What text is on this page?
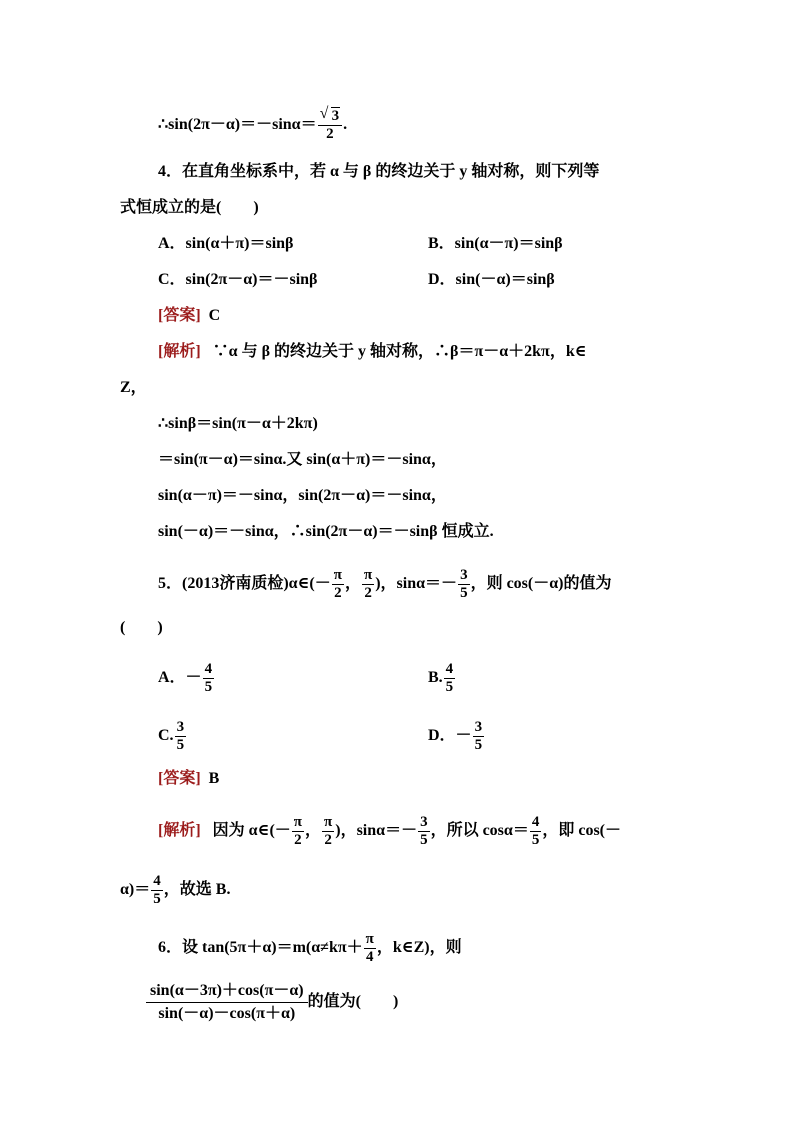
∴sin(2π－α)＝－sinα＝ $\frac{√ 3}{2}$ .
4．在直角坐标系中，若 α 与 β 的终边关于 y 轴对称，则下列等
式恒成立的是(　　)
A．sin(α＋π)＝sinβ	B．sin(α－π)＝sinβ
C．sin(2π－α)＝－sinβ	D．sin(－α)＝sinβ
[答案] C
[解析] ∵α 与 β 的终边关于 y 轴对称，∴β＝π－α＋2kπ，k∈
Z，
∴sinβ＝sin(π－α＋2kπ)
＝sin(π－α)＝sinα.又 sin(α＋π)＝－sinα，
sin(α－π)＝－sinα，sin(2π－α)＝－sinα，
sin(－α)＝－sinα，∴sin(2π－α)＝－sinβ 恒成立.
5．(2013济南质检)α∈(－ $\frac{\pi}{2}$ ， $\frac{\pi}{2}$ )，$\sin\alpha=- \frac{3}{5}$ ，则 cos(－α)的值为
(　　)
A．－ $\frac{4}{5}$	B. $\frac{4}{5}$
C. $\frac{3}{5}$	D．－ $\frac{3}{5}$
[答案] B
[解析] 因为 α∈(－ $\frac{\pi}{2}$ ， $\frac{\pi}{2}$ )，$\sin\alpha=- \frac{3}{5}$ ，所以 $\cos\alpha= \frac{4}{5}$ ，即 cos(－
$\alpha)= \frac{4}{5}$ ，故选 B.
6．设 $\tan(5\pi+\alpha)=m(\alpha\ne k\pi+ \frac{\pi}{4}$ ，k∈Z)，则
$\frac{\sin(\alpha-3\pi)+\cos(\pi-\alpha)}{\sin(-\alpha)-\cos(\pi+\alpha)}$ 的值为(　　)
